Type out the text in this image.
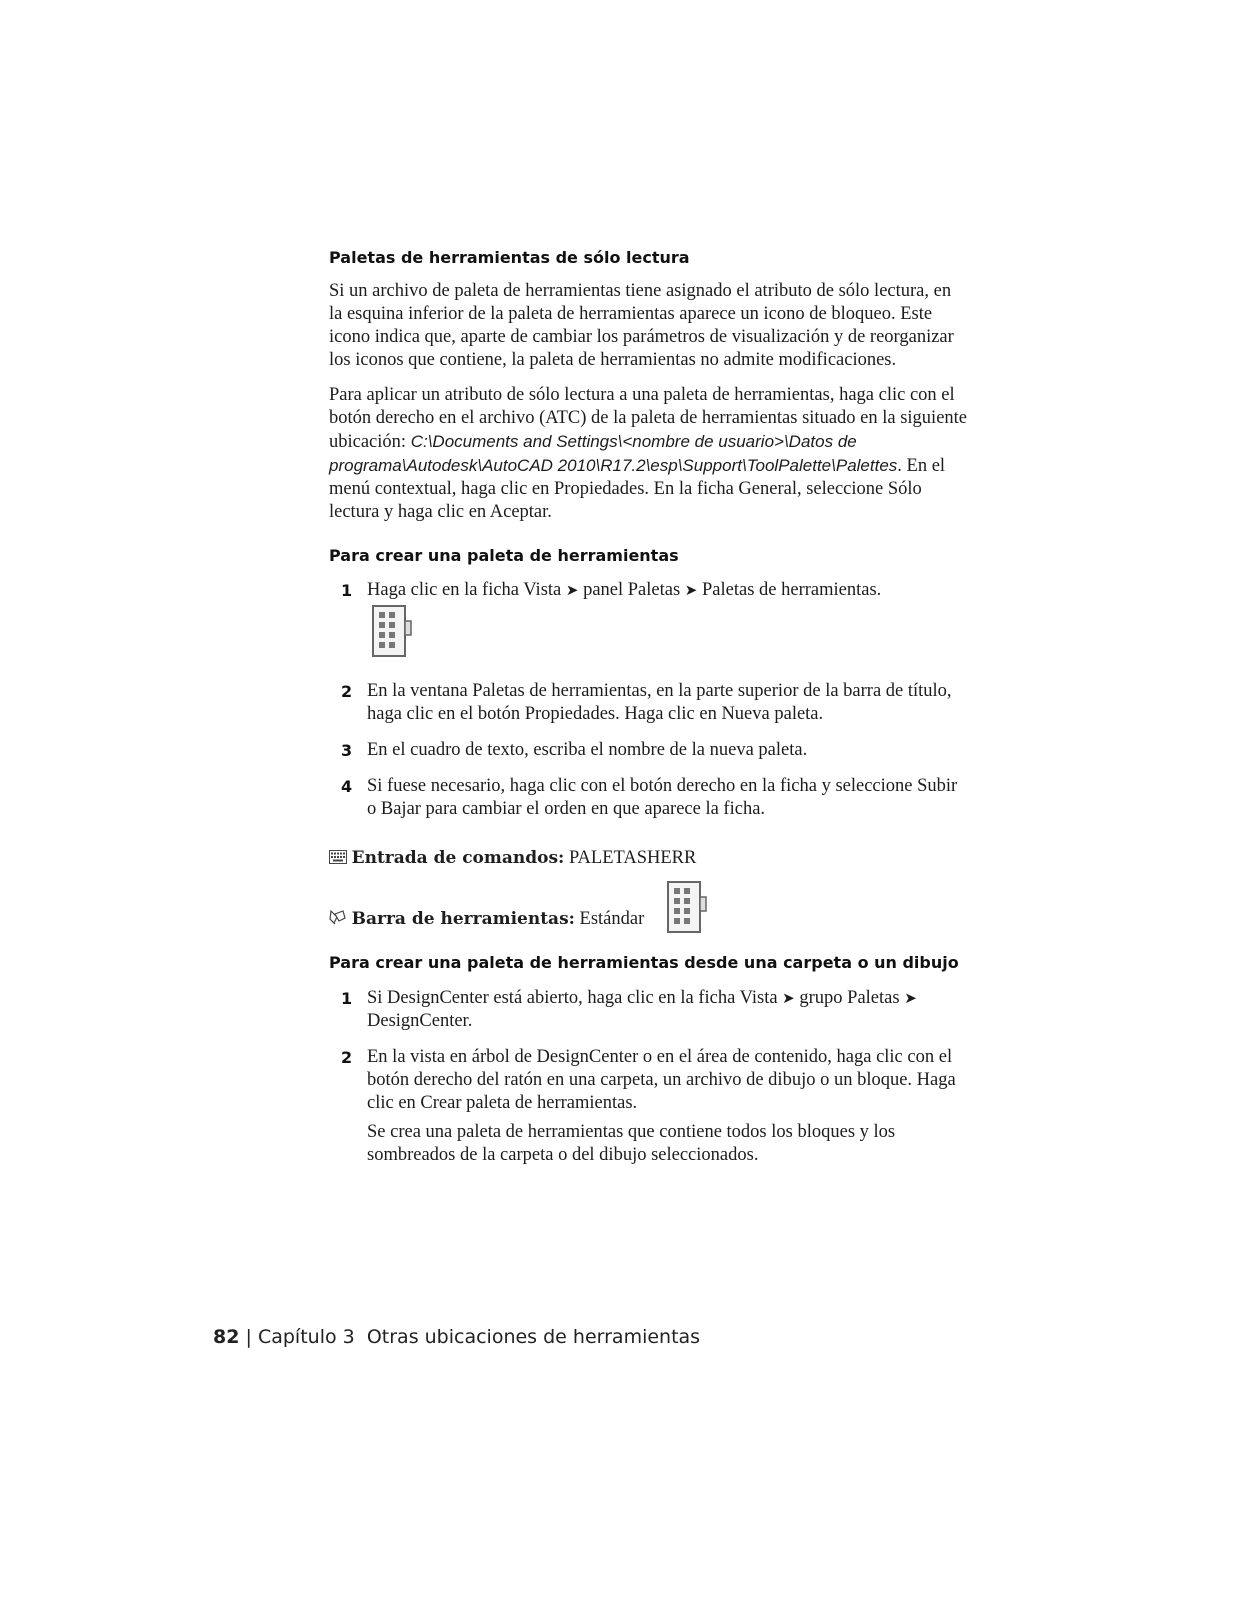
Paletas de herramientas de sólo lectura

Si un archivo de paleta de herramientas tiene asignado el atributo de sólo lectura, en la esquina inferior de la paleta de herramientas aparece un icono de bloqueo. Este icono indica que, aparte de cambiar los parámetros de visualización y de reorganizar los iconos que contiene, la paleta de herramientas no admite modificaciones.

Para aplicar un atributo de sólo lectura a una paleta de herramientas, haga clic con el botón derecho en el archivo (ATC) de la paleta de herramientas situado en la siguiente ubicación: C:\Documents and Settings\<nombre de usuario>\Datos de programa\Autodesk\AutoCAD 2010\R17.2\esp\Support\ToolPalette\Palettes. En el menú contextual, haga clic en Propiedades. En la ficha General, seleccione Sólo lectura y haga clic en Aceptar.

Para crear una paleta de herramientas
1 Haga clic en la ficha Vista ➤ panel Paletas ➤ Paletas de herramientas.
2 En la ventana Paletas de herramientas, en la parte superior de la barra de título, haga clic en el botón Propiedades. Haga clic en Nueva paleta.
3 En el cuadro de texto, escriba el nombre de la nueva paleta.
4 Si fuese necesario, haga clic con el botón derecho en la ficha y seleccione Subir o Bajar para cambiar el orden en que aparece la ficha.
Entrada de comandos: PALETASHERR
Barra de herramientas: Estándar
Para crear una paleta de herramientas desde una carpeta o un dibujo
1 Si DesignCenter está abierto, haga clic en la ficha Vista ➤ grupo Paletas ➤ DesignCenter.
2 En la vista en árbol de DesignCenter o en el área de contenido, haga clic con el botón derecho del ratón en una carpeta, un archivo de dibujo o un bloque. Haga clic en Crear paleta de herramientas.
Se crea una paleta de herramientas que contiene todos los bloques y los sombreados de la carpeta o del dibujo seleccionados.
82 | Capítulo 3 Otras ubicaciones de herramientas
